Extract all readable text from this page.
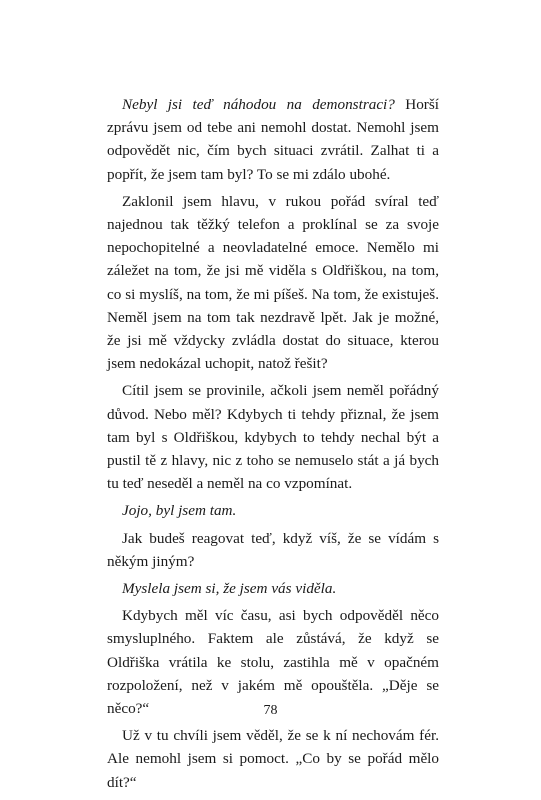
Nebyl jsi teď náhodou na demonstraci? Horší zprávu jsem od tebe ani nemohl dostat. Nemohl jsem odpovědět nic, čím bych situaci zvrátil. Zalhat ti a popřít, že jsem tam byl? To se mi zdálo ubohé.

Zaklonil jsem hlavu, v rukou pořád svíral teď najednou tak těžký telefon a proklínal se za svoje nepochopitelné a neovladatelné emoce. Nemělo mi záležet na tom, že jsi mě viděla s Oldřiškou, na tom, co si myslíš, na tom, že mi píšeš. Na tom, že existuješ. Neměl jsem na tom tak nezdravě lpět. Jak je možné, že jsi mě vždycky zvládla dostat do situace, kterou jsem nedokázal uchopit, natož řešit?

Cítil jsem se provinile, ačkoli jsem neměl pořádný důvod. Nebo měl? Kdybych ti tehdy přiznal, že jsem tam byl s Oldřiškou, kdybych to tehdy nechal být a pustil tě z hlavy, nic z toho se nemuselo stát a já bych tu teď neseděl a neměl na co vzpomínat.

Jojo, byl jsem tam.

Jak budeš reagovat teď, když víš, že se vídám s někým jiným?

Myslela jsem si, že jsem vás viděla.

Kdybych měl víc času, asi bych odpověděl něco smysluplného. Faktem ale zůstává, že když se Oldřiška vrátila ke stolu, zastihla mě v opačném rozpoložení, než v jakém mě opouštěla. „Děje se něco?“

Už v tu chvíli jsem věděl, že se k ní nechovám fér. Ale nemohl jsem si pomoct. „Co by se pořád mělo dít?“

78
